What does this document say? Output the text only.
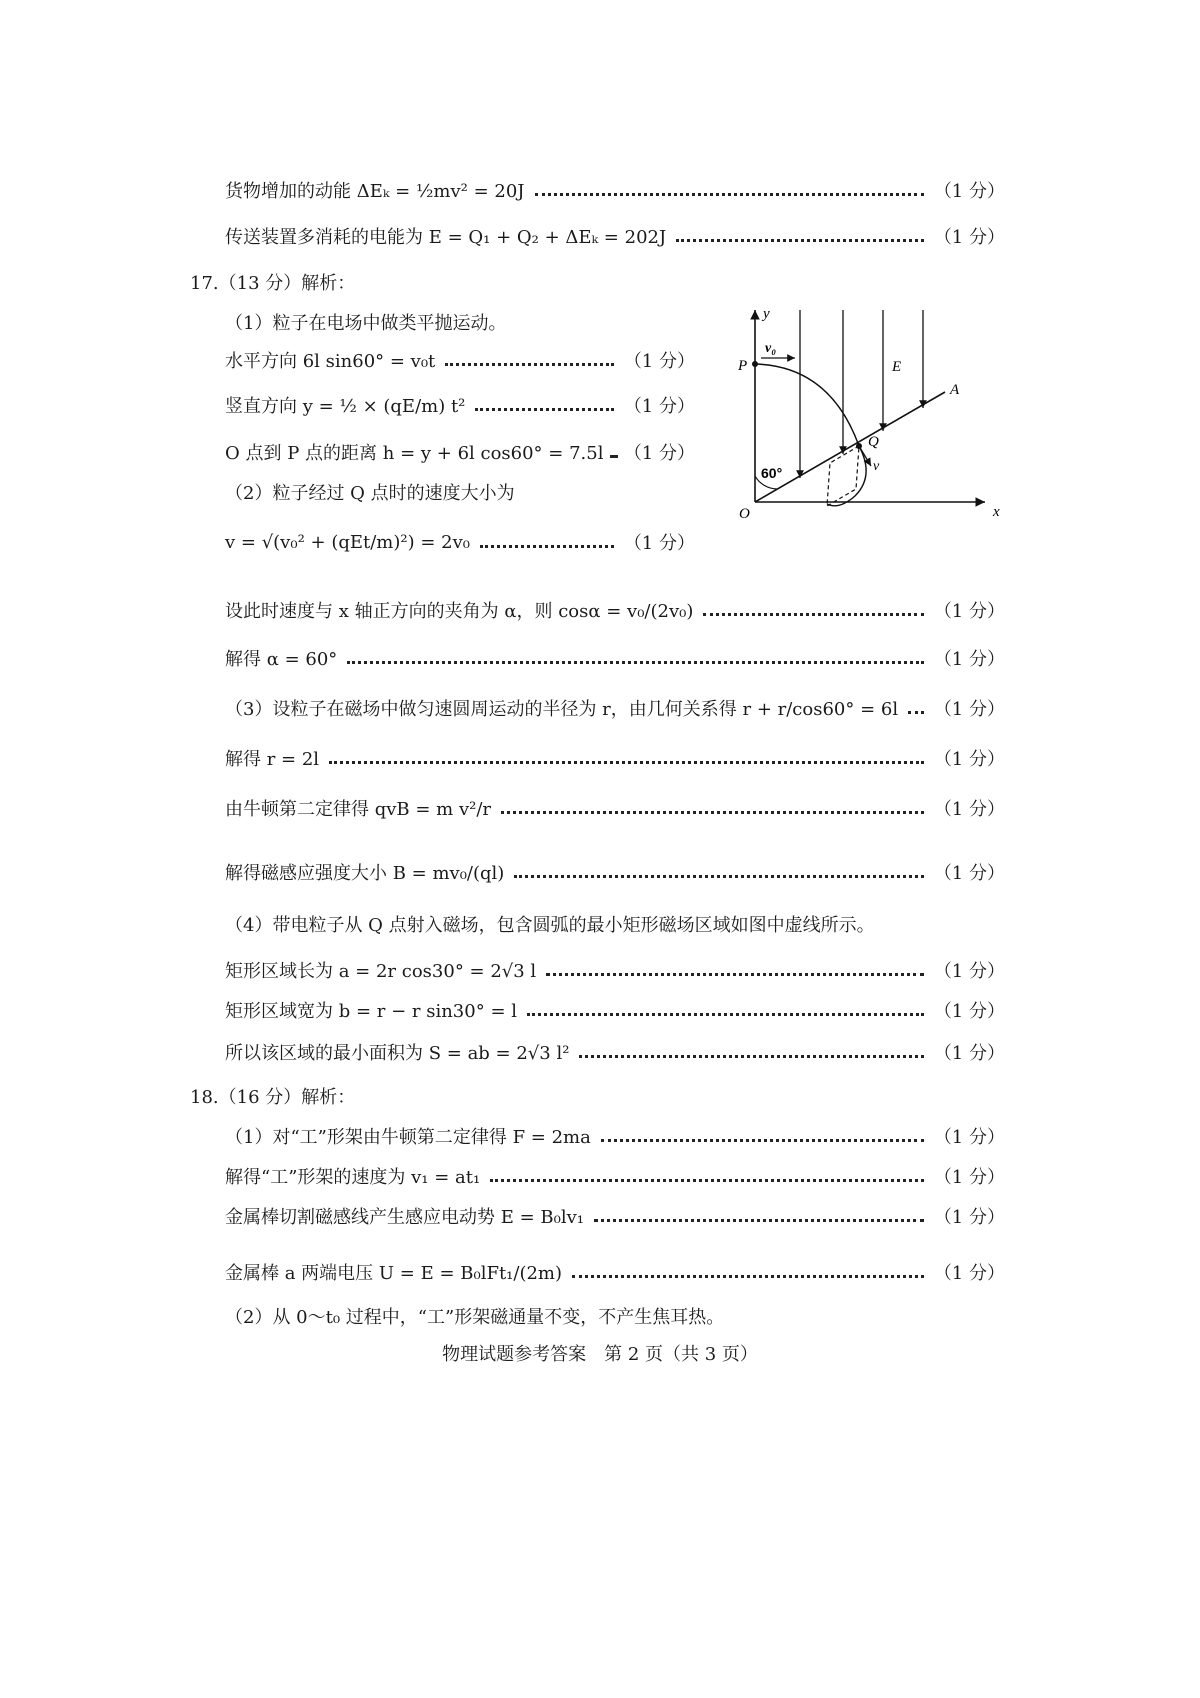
货物增加的动能 ΔEₖ = ½mv² = 20J	（1 分）
传送装置多消耗的电能为 E = Q₁ + Q₂ + ΔEₖ = 202J	（1 分）
17.（13 分）解析：
（1）粒子在电场中做类平抛运动。
水平方向 6l sin60° = v₀t	（1 分）
竖直方向 y = ½ × (qE/m) t²	（1 分）
O 点到 P 点的距离 h = y + 6l cos60° = 7.5l （1 分）
（2）粒子经过 Q 点时的速度大小为
v = √(v₀² + (qEt/m)²) = 2v₀	（1 分）
设此时速度与 x 轴正方向的夹角为 α，则 cosα = v₀/(2v₀)	（1 分）
解得 α = 60°	（1 分）
（3）设粒子在磁场中做匀速圆周运动的半径为 r，由几何关系得 r + r/cos60° = 6l （1 分）
解得 r = 2l	（1 分）
由牛顿第二定律得 qvB = m v²/r	（1 分）
解得磁感应强度大小 B = mv₀/(ql)	（1 分）
（4）带电粒子从 Q 点射入磁场，包含圆弧的最小矩形磁场区域如图中虚线所示。
矩形区域长为 a = 2r cos30° = 2√3 l	（1 分）
矩形区域宽为 b = r − r sin30° = l	（1 分）
所以该区域的最小面积为 S = ab = 2√3 l²	（1 分）
18.（16 分）解析：
（1）对“工”形架由牛顿第二定律得 F = 2ma	（1 分）
解得“工”形架的速度为 v₁ = at₁	（1 分）
金属棒切割磁感线产生感应电动势 E = B₀lv₁	（1 分）
金属棒 a 两端电压 U = E = B₀lFt₁/(2m)	（1 分）
（2）从 0～t₀ 过程中，“工”形架磁通量不变，不产生焦耳热。
物理试题参考答案　第 2 页（共 3 页）
y
x
O
P
A
Q
E
v₀
v
60°
